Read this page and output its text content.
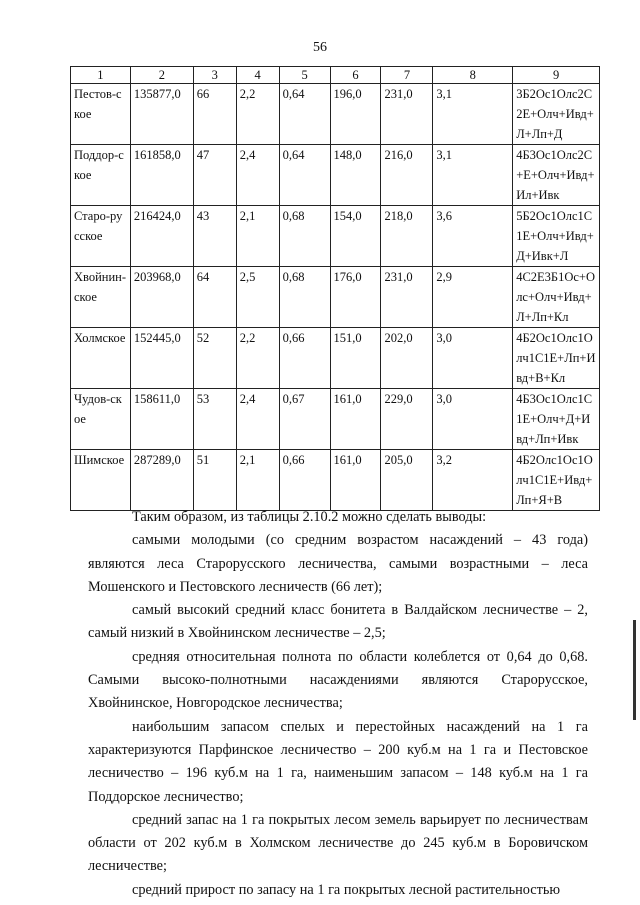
56
1	2	3	4	5	6	7	8	9
Пестов-ское	135877,0	66	2,2	0,64	196,0	231,0	3,1	3Б2Ос1Олс2С2Е+Олч+Ивд+Л+Лп+Д
Поддор-ское	161858,0	47	2,4	0,64	148,0	216,0	3,1	4Б3Ос1Олс2С+Е+Олч+Ивд+Ил+Ивк
Старо-русское	216424,0	43	2,1	0,68	154,0	218,0	3,6	5Б2Ос1Олс1С1Е+Олч+Ивд+Д+Ивк+Л
Хвойнин-ское	203968,0	64	2,5	0,68	176,0	231,0	2,9	4С2Е3Б1Ос+Олс+Олч+Ивд+Л+Лп+Кл
Холмское	152445,0	52	2,2	0,66	151,0	202,0	3,0	4Б2Ос1Олс1Олч1С1Е+Лп+Ивд+В+Кл
Чудов-ское	158611,0	53	2,4	0,67	161,0	229,0	3,0	4Б3Ос1Олс1С1Е+Олч+Д+Ивд+Лп+Ивк
Шимское	287289,0	51	2,1	0,66	161,0	205,0	3,2	4Б2Олс1Ос1Олч1С1Е+Ивд+Лп+Я+В

Таким образом, из таблицы 2.10.2 можно сделать выводы:

самыми молодыми (со средним возрастом насаждений – 43 года) являются леса Старорусского лесничества, самыми возрастными – леса Мошенского и Пестовского лесничеств (66 лет);

самый высокий средний класс бонитета в Валдайском лесничестве – 2, самый низкий в Хвойнинском лесничестве – 2,5;

средняя относительная полнота по области колеблется от 0,64 до 0,68. Самыми высоко-полнотными насаждениями являются Старорусское, Хвойнинское, Новгородское лесничества;

наибольшим запасом спелых и перестойных насаждений на 1 га характеризуются Парфинское лесничество – 200 куб.м на 1 га и Пестовское лесничество – 196 куб.м на 1 га, наименьшим запасом – 148 куб.м на 1 га Поддорское лесничество;

средний запас на 1 га покрытых лесом земель варьирует по лесничествам области от 202 куб.м в Холмском лесничестве до 245 куб.м в Боровичском лесничестве;

средний прирост по запасу на 1 га покрытых лесной растительностью
